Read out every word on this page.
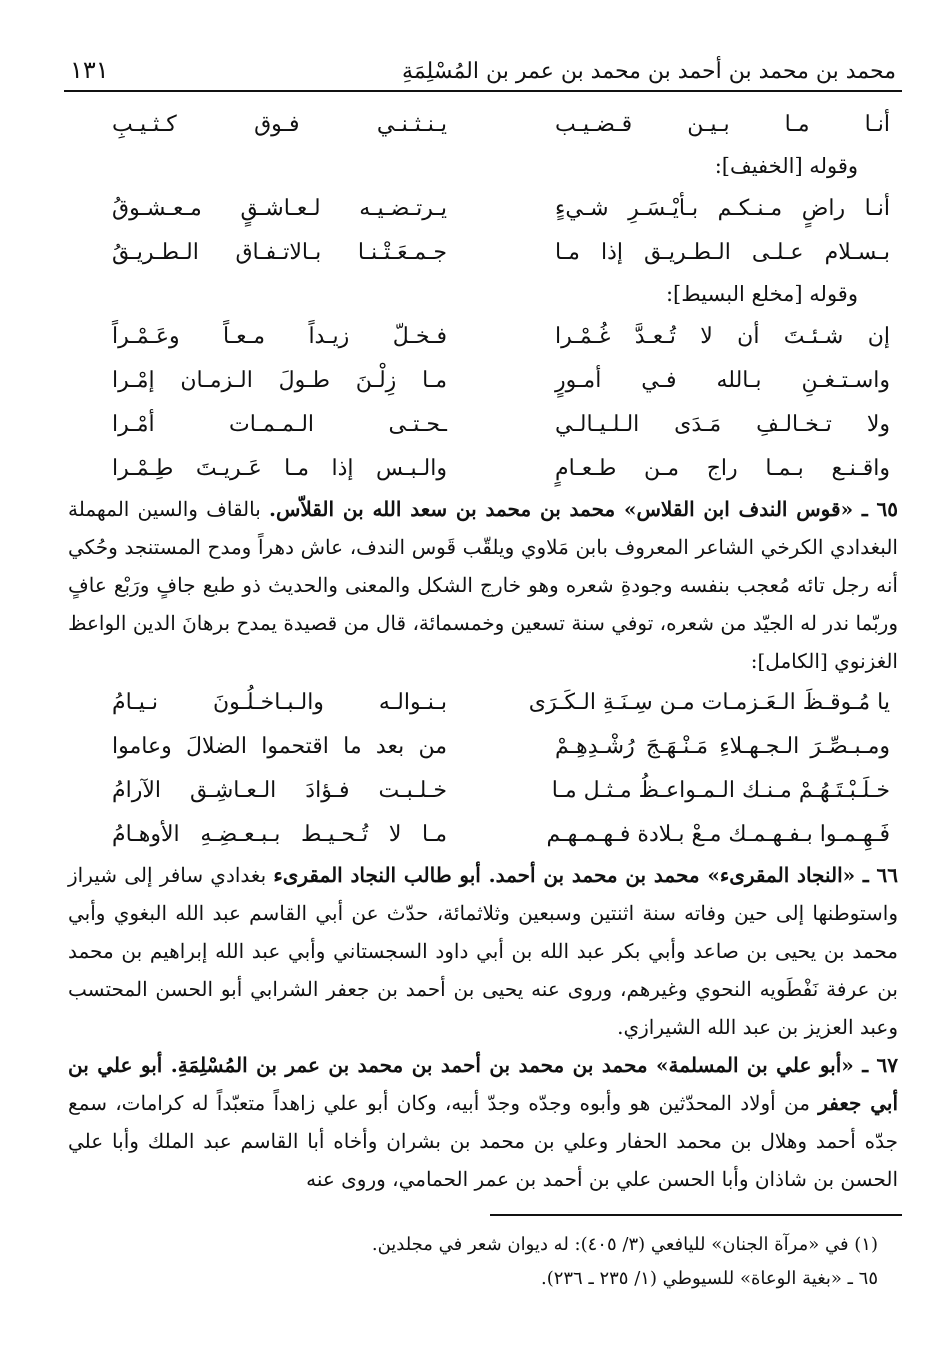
محمد بن محمد بن أحمد بن محمد بن عمر بن المُسْلِمَةِ
١٣١
أنـا مـا بـيـن قـضـيـب
يـنـثـنـي فـوق كـثـيـبِ
وقوله [الخفيف]:
أنـا راضٍ مـنـكـم بـأيْـسَـرِ شـيءٍ
يـرتـضـيـه لـعـاشـقٍ مـعـشـوقُ
بـسـلام عـلـى الـطـريـق إذا مـا
جـمـعَـتْـنـا بـالاتـفـاق الـطـريـقُ
وقوله [مخلع البسيط]:
إن شـئـتَ أن لا تُـعـدَّ غُـمْـرا
فـخـلّ زيـداً مـعـاً وعَـمْـراً
واسـتـغـنِ بـالله فـي أمـورٍ
مـا زِلْـنَ طـولَ الـزمـان إمْـرا
ولا تـخـالـفِ مَـدَى الـلـيـالـي
ـحـتـى الـمـمـات أمْـرا
واقـنـع بـمـا راج مـن طـعـامٍ
والـبـس إذا مـا عَـريـتَ طِـمْـرا

٦٥ ـ «قوس الندف ابن القلاس» محمد بن محمد بن سعد الله بن القلاّس. بالقاف والسين المهملة البغدادي الكرخي الشاعر المعروف بابن مَلاوي ويلقّب قَوس الندف، عاش دهراً ومدح المستنجد وحُكي أنه رجل تائه مُعجب بنفسه وجودةِ شعره وهو خارج الشكل والمعنى والحديث ذو طبع جافٍ ورَبْع عافٍ وربّما ندر له الجيّد من شعره، توفي سنة تسعين وخمسمائة، قال من قصيدة يمدح برهانَ الدين الواعظ الغزنوي [الكامل]:

يا مُـوقـظَ الـعَـزمـات مـن سِـنَـةِ الـكَـرَى
بـنـوالـه والـبـاخـلُـونَ نـيـامُ
ومـبـصِّـرَ الـجـهـلاءِ مَـنْـهَـجَ رُشْـدِهِـمْ
من بعد ما اقتحموا الضلالَ وعاموا
خـلَـبْـتَـهُـمْ مـنـك الـمـواعـظُ مـثـل مـا
خـلـبـت فـؤادَ الـعـاشِـق الآرامُ
فَـهِـمـوا بـفـهـمـك مـعْ بـلادة فـهـمـهـم
مـا لا تُـحـيـط بـبـعـضِـهِ الأوهـامُ

٦٦ ـ «النجاد المقرىء» محمد بن محمد بن أحمد. أبو طالب النجاد المقرىء بغدادي سافر إلى شيراز واستوطنها إلى حين وفاته سنة اثنتين وسبعين وثلاثمائة، حدّث عن أبي القاسم عبد الله البغوي وأبي محمد بن يحيى بن صاعد وأبي بكر عبد الله بن أبي داود السجستاني وأبي عبد الله إبراهيم بن محمد بن عرفة نَفْطَويه النحوي وغيرهم، وروى عنه يحيى بن أحمد بن جعفر الشرابي أبو الحسن المحتسب وعبد العزيز بن عبد الله الشيرازي.

٦٧ ـ «أبو علي بن المسلمة» محمد بن محمد بن أحمد بن محمد بن عمر بن المُسْلِمَةِ. أبو علي بن أبي جعفر من أولاد المحدّثين هو وأبوه وجدّه وجدّ أبيه، وكان أبو علي زاهداً متعبّداً له كرامات، سمع جدّه أحمد وهلال بن محمد الحفار وعلي بن محمد بن بشران وأخاه أبا القاسم عبد الملك وأبا علي الحسن بن شاذان وأبا الحسن علي بن أحمد بن عمر الحمامي، وروى عنه

(١) في «مرآة الجنان» لليافعي (٣/ ٤٠٥): له ديوان شعر في مجلدين.
٦٥ ـ «بغية الوعاة» للسيوطي (١/ ٢٣٥ ـ ٢٣٦).
